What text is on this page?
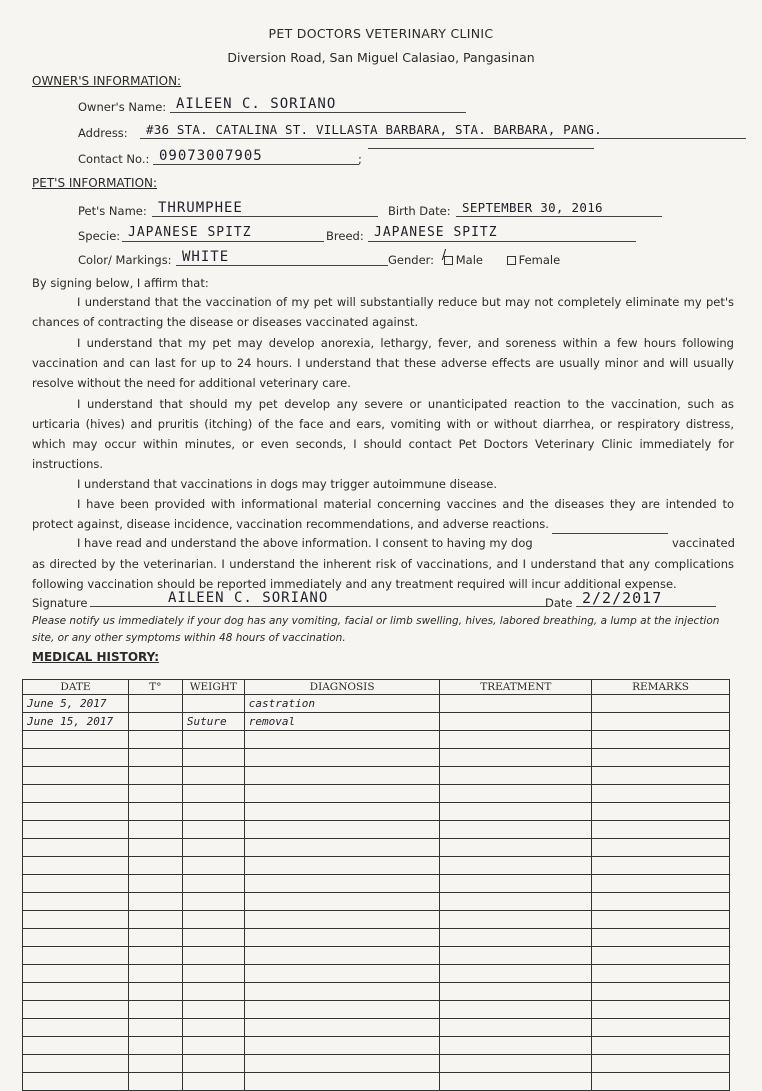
PET DOCTORS VETERINARY CLINIC
Diversion Road, San Miguel Calasiao, Pangasinan
OWNER'S INFORMATION:
Owner's Name: AILEEN C. SORIANO
Address:	#36 STA. CATALINA ST. VILLASTA BARBARA, STA. BARBARA, PANG.
Contact No.: 09073007905	;
PET'S INFORMATION:
Pet's Name: THRUMPHEE	Birth Date: SEPTEMBER 30, 2016
Specie: JAPANESE SPITZ	Breed: JAPANESE SPITZ
Color/ Markings: WHITE	Gender: / Male	Female
By signing below, I affirm that:
I understand that the vaccination of my pet will substantially reduce but may not completely eliminate my pet's chances of contracting the disease or diseases vaccinated against.
I understand that my pet may develop anorexia, lethargy, fever, and soreness within a few hours following vaccination and can last for up to 24 hours. I understand that these adverse effects are usually minor and will usually resolve without the need for additional veterinary care.
I understand that should my pet develop any severe or unanticipated reaction to the vaccination, such as urticaria (hives) and pruritis (itching) of the face and ears, vomiting with or without diarrhea, or respiratory distress, which may occur within minutes, or even seconds, I should contact Pet Doctors Veterinary Clinic immediately for instructions.
I understand that vaccinations in dogs may trigger autoimmune disease.
I have been provided with informational material concerning vaccines and the diseases they are intended to protect against, disease incidence, vaccination recommendations, and adverse reactions.
I have read and understand the above information. I consent to having my dog	vaccinated
as directed by the veterinarian. I understand the inherent risk of vaccinations, and I understand that any complications following vaccination should be reported immediately and any treatment required will incur additional expense.
Signature	AILEEN C. SORIANO	Date 2/2/2017
Please notify us immediately if your dog has any vomiting, facial or limb swelling, hives, labored breathing, a lump at the injection site, or any other symptoms within 48 hours of vaccination.
MEDICAL HISTORY:
DATE	T°	WEIGHT	DIAGNOSIS	TREATMENT	REMARKS
June 5, 2017			castration		
June 15, 2017		Suture	removal		
